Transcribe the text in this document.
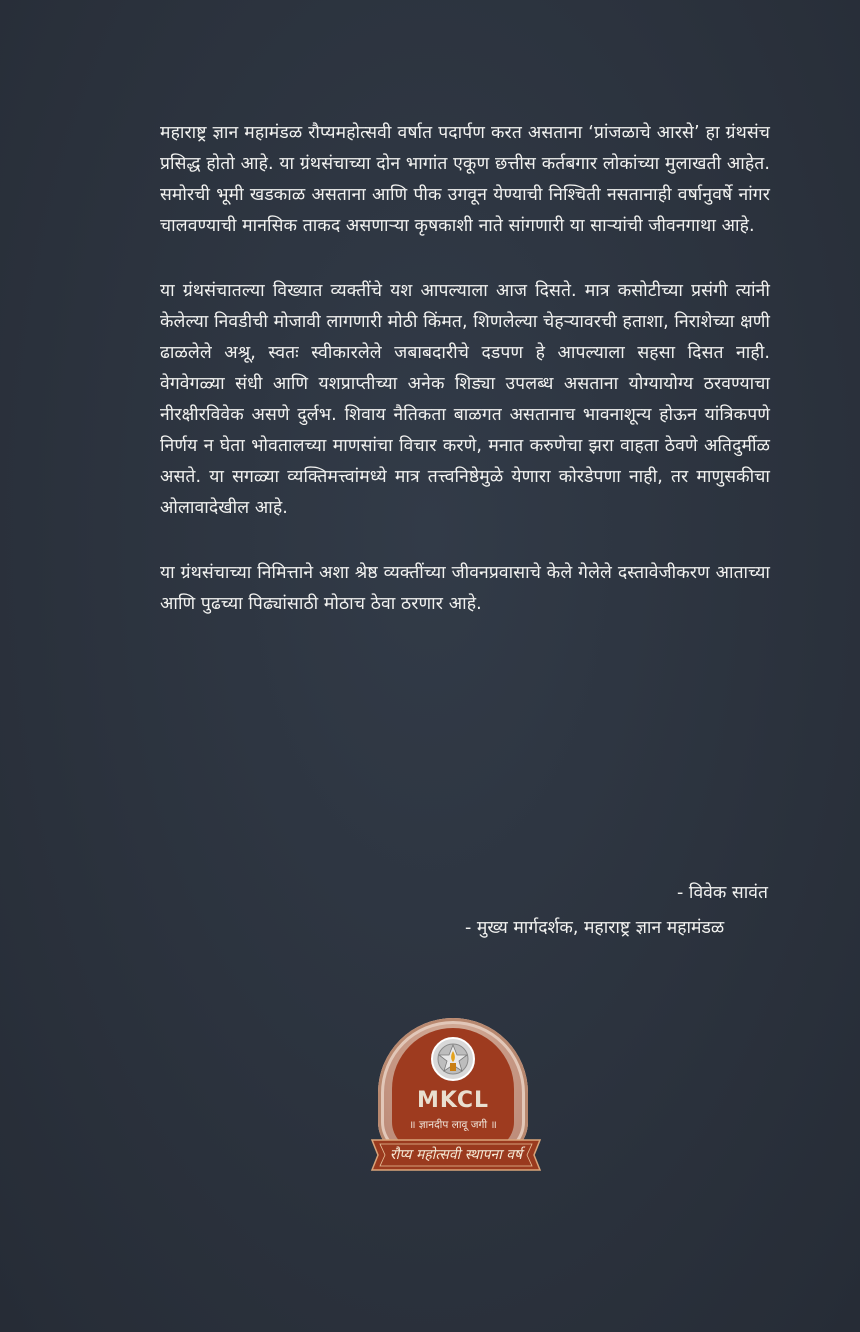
महाराष्ट्र ज्ञान महामंडळ रौप्यमहोत्सवी वर्षात पदार्पण करत असताना ‘प्रांजळाचे आरसे’ हा ग्रंथसंच प्रसिद्ध होतो आहे. या ग्रंथसंचाच्या दोन भागांत एकूण छत्तीस कर्तबगार लोकांच्या मुलाखती आहेत. समोरची भूमी खडकाळ असताना आणि पीक उगवून येण्याची निश्चिती नसतानाही वर्षानुवर्षे नांगर चालवण्याची मानसिक ताकद असणाऱ्या कृषकाशी नाते सांगणारी या साऱ्यांची जीवनगाथा आहे.

या ग्रंथसंचातल्या विख्यात व्यक्तींचे यश आपल्याला आज दिसते. मात्र कसोटीच्या प्रसंगी त्यांनी केलेल्या निवडीची मोजावी लागणारी मोठी किंमत, शिणलेल्या चेहऱ्यावरची हताशा, निराशेच्या क्षणी ढाळलेले अश्रू, स्वतः स्वीकारलेले जबाबदारीचे दडपण हे आपल्याला सहसा दिसत नाही. वेगवेगळ्या संधी आणि यशप्राप्तीच्या अनेक शिड्या उपलब्ध असताना योग्यायोग्य ठरवण्याचा नीरक्षीरविवेक असणे दुर्लभ. शिवाय नैतिकता बाळगत असतानाच भावनाशून्य होऊन यांत्रिकपणे निर्णय न घेता भोवतालच्या माणसांचा विचार करणे, मनात करुणेचा झरा वाहता ठेवणे अतिदुर्मीळ असते. या सगळ्या व्यक्तिमत्त्वांमध्ये मात्र तत्त्वनिष्ठेमुळे येणारा कोरडेपणा नाही, तर माणुसकीचा ओलावादेखील आहे.

या ग्रंथसंचाच्या निमित्ताने अशा श्रेष्ठ व्यक्तींच्या जीवनप्रवासाचे केले गेलेले दस्तावेजीकरण आताच्या आणि पुढच्या पिढ्यांसाठी मोठाच ठेवा ठरणार आहे.

- विवेक सावंत
- मुख्य मार्गदर्शक, महाराष्ट्र ज्ञान महामंडळ
MKCL
॥ ज्ञानदीप लावू जगी ॥
रौप्य महोत्सवी स्थापना वर्ष
